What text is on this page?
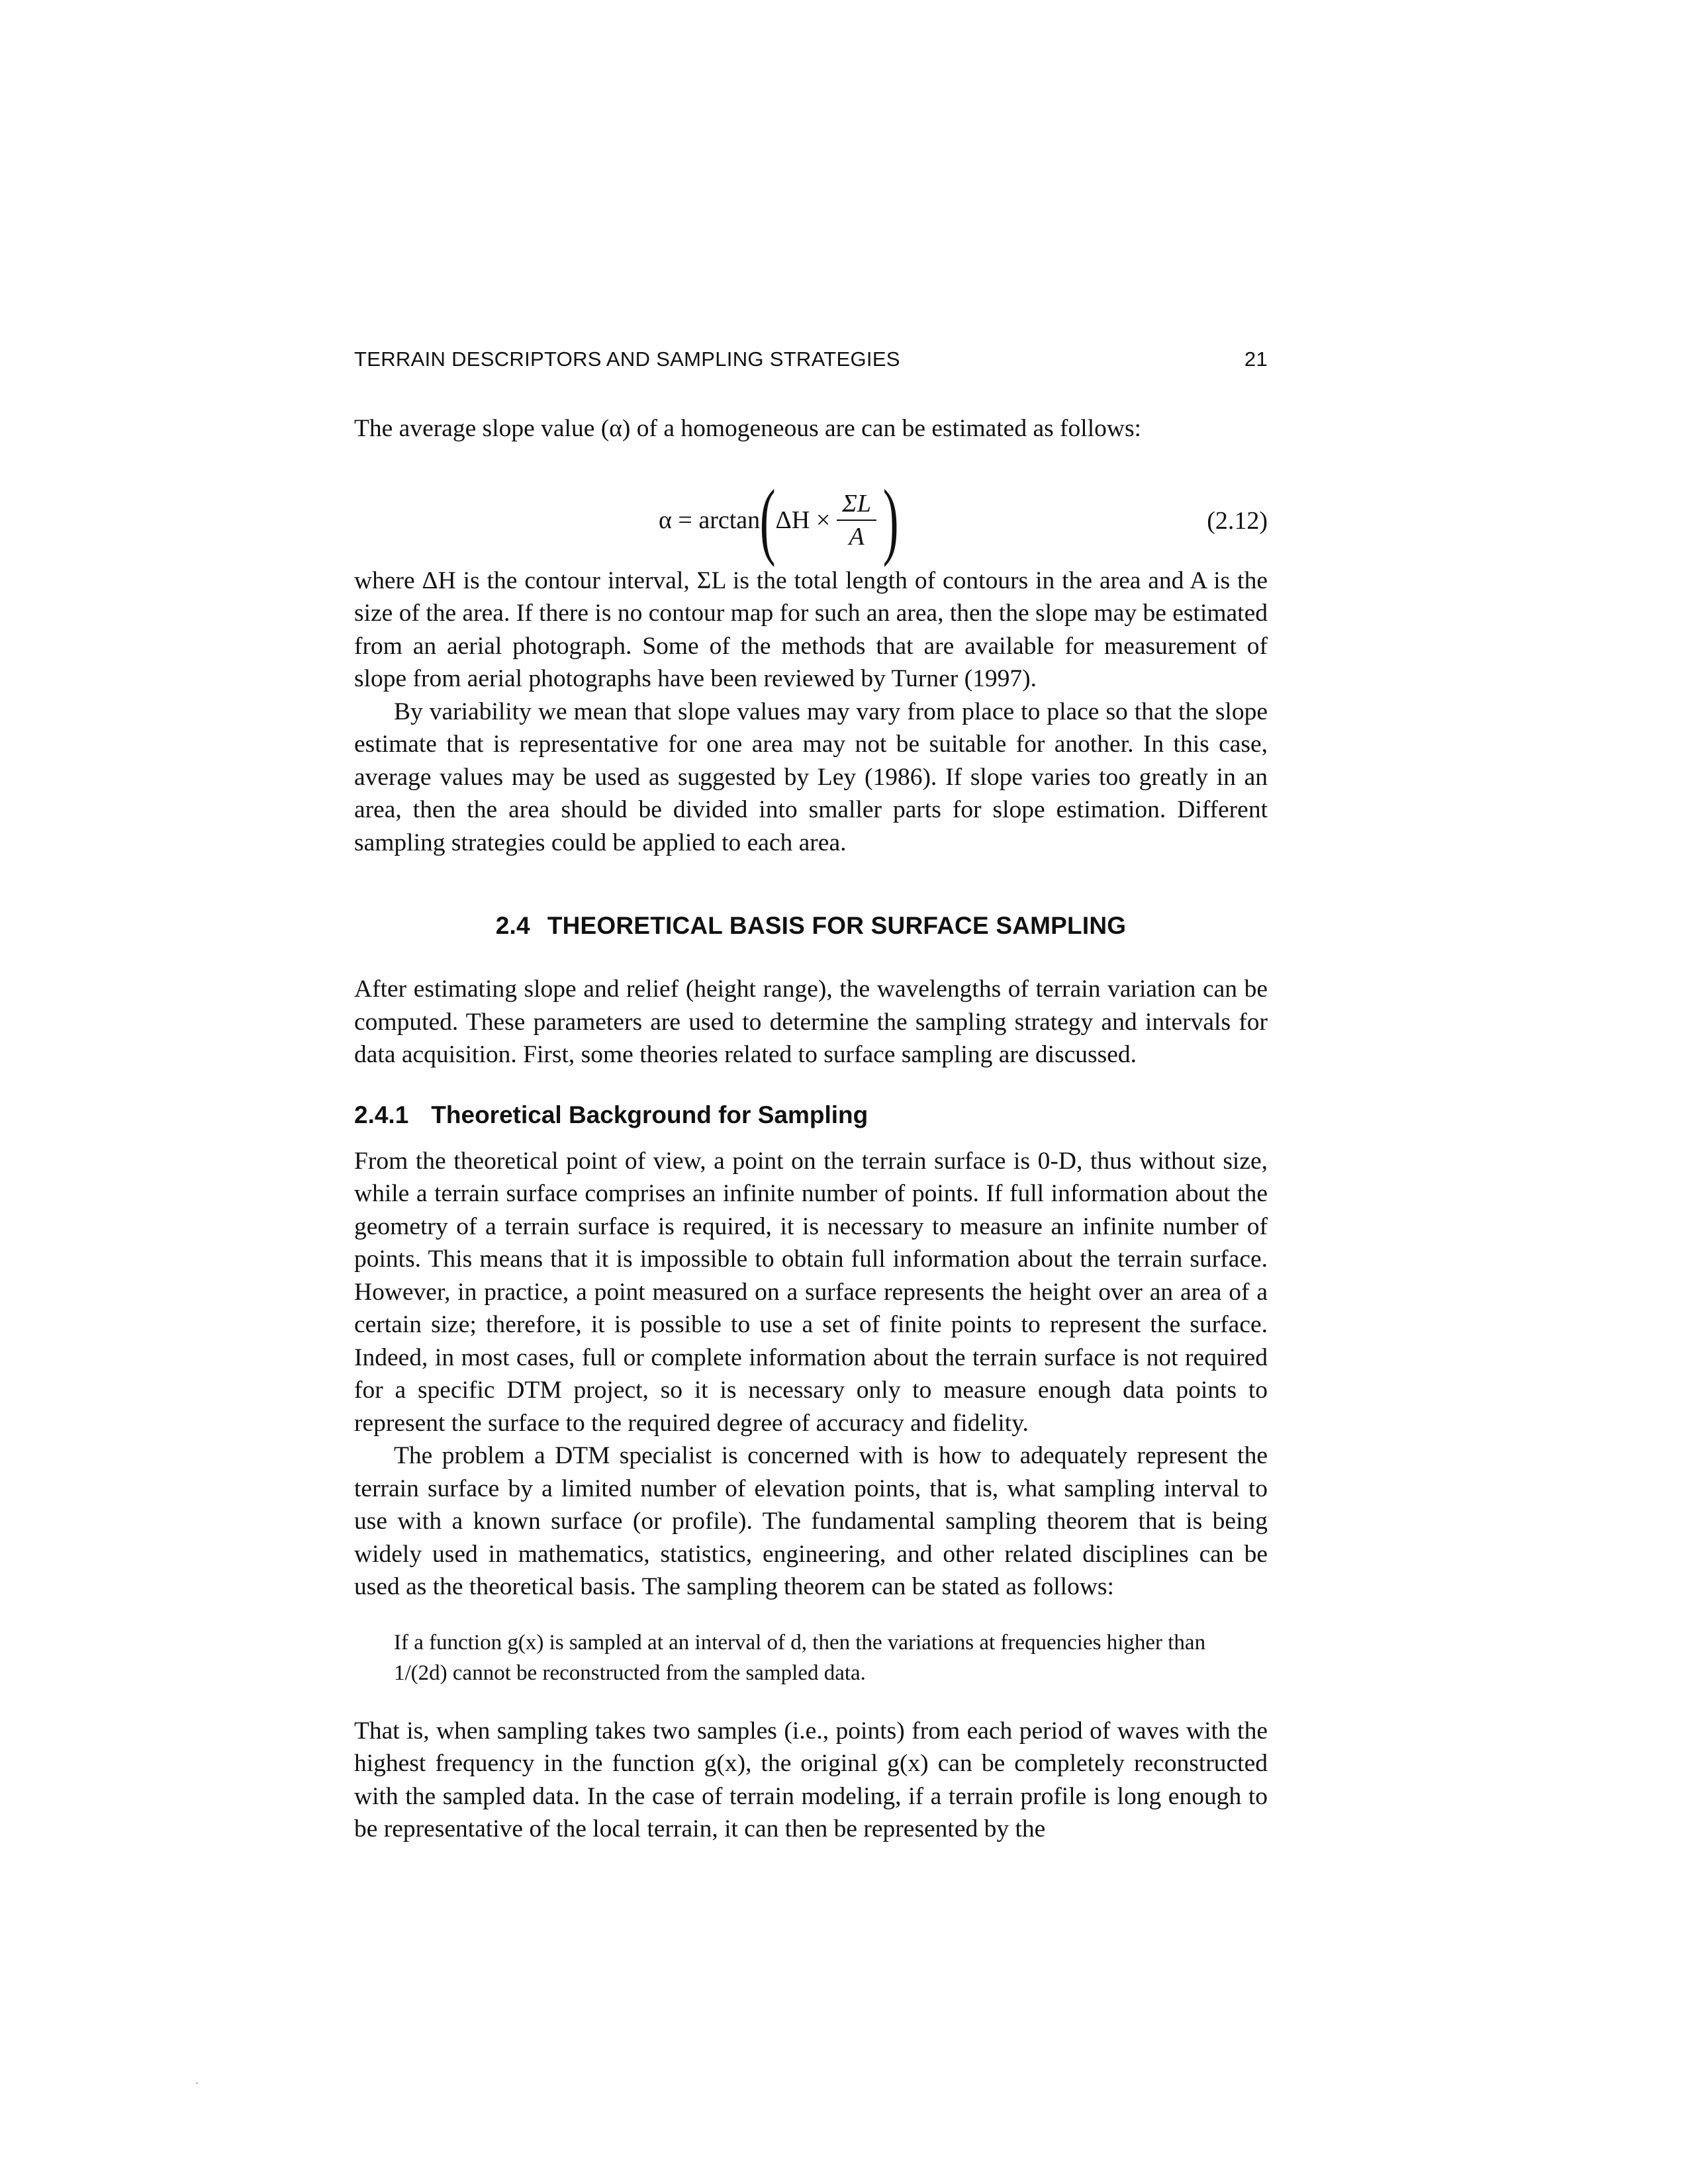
TERRAIN DESCRIPTORS AND SAMPLING STRATEGIES	21

The average slope value (α) of a homogeneous are can be estimated as follows:

α = arctan ( $\Delta H \times \frac{\Sigma L}{A}$ )	(2.12)

where ΔH is the contour interval, ΣL is the total length of contours in the area and A is the size of the area. If there is no contour map for such an area, then the slope may be estimated from an aerial photograph. Some of the methods that are available for measurement of slope from aerial photographs have been reviewed by Turner (1997).

By variability we mean that slope values may vary from place to place so that the slope estimate that is representative for one area may not be suitable for another. In this case, average values may be used as suggested by Ley (1986). If slope varies too greatly in an area, then the area should be divided into smaller parts for slope estimation. Different sampling strategies could be applied to each area.

2.4 THEORETICAL BASIS FOR SURFACE SAMPLING

After estimating slope and relief (height range), the wavelengths of terrain variation can be computed. These parameters are used to determine the sampling strategy and intervals for data acquisition. First, some theories related to surface sampling are discussed.

2.4.1 Theoretical Background for Sampling

From the theoretical point of view, a point on the terrain surface is 0-D, thus without size, while a terrain surface comprises an infinite number of points. If full information about the geometry of a terrain surface is required, it is necessary to measure an infinite number of points. This means that it is impossible to obtain full information about the terrain surface. However, in practice, a point measured on a surface represents the height over an area of a certain size; therefore, it is possible to use a set of finite points to represent the surface. Indeed, in most cases, full or complete information about the terrain surface is not required for a specific DTM project, so it is necessary only to measure enough data points to represent the surface to the required degree of accuracy and fidelity.

The problem a DTM specialist is concerned with is how to adequately represent the terrain surface by a limited number of elevation points, that is, what sampling interval to use with a known surface (or profile). The fundamental sampling theorem that is being widely used in mathematics, statistics, engineering, and other related disciplines can be used as the theoretical basis. The sampling theorem can be stated as follows:

If a function g(x) is sampled at an interval of d, then the variations at frequencies higher than 1/(2d) cannot be reconstructed from the sampled data.

That is, when sampling takes two samples (i.e., points) from each period of waves with the highest frequency in the function g(x), the original g(x) can be completely reconstructed with the sampled data. In the case of terrain modeling, if a terrain profile is long enough to be representative of the local terrain, it can then be represented by the
